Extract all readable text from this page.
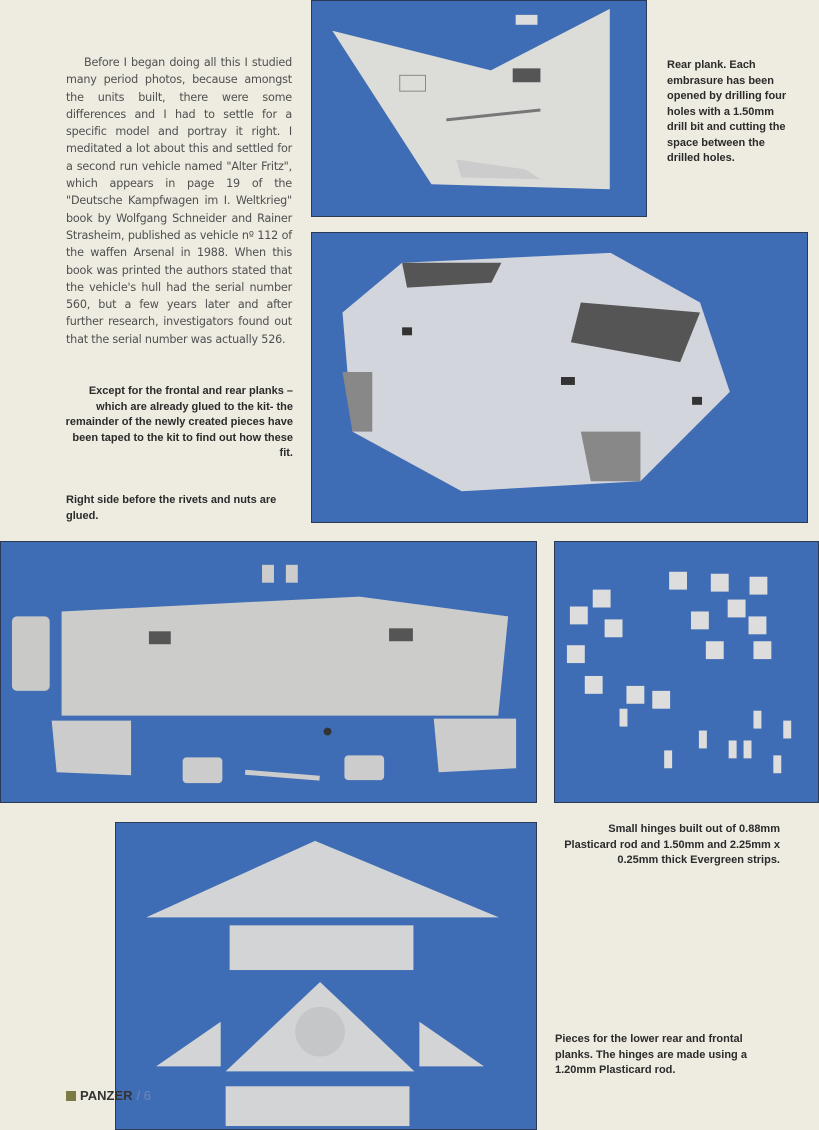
Before I began doing all this I studied many period photos, because amongst the units built, there were some differences and I had to settle for a specific model and portray it right. I meditated a lot about this and settled for a second run vehicle named "Alter Fritz", which appears in page 19 of the "Deutsche Kampfwagen im I. Weltkrieg" book by Wolfgang Schneider and Rainer Strasheim, published as vehicle nº 112 of the waffen Arsenal in 1988. When this book was printed the authors stated that the vehicle's hull had the serial number 560, but a few years later and after further research, investigators found out that the serial number was actually 526.
Rear plank. Each embrasure has been opened by drilling four holes with a 1.50mm drill bit and cutting the space between the drilled holes.
Except for the frontal and rear planks –which are already glued to the kit- the remainder of the newly created pieces have been taped to the kit to find out how these fit.
Right side before the rivets and nuts are glued.
Small hinges built out of 0.88mm Plasticard rod and 1.50mm and 2.25mm x 0.25mm thick Evergreen strips.
Pieces for the lower rear and frontal planks. The hinges are made using a 1.20mm Plasticard rod.
PANZER / 6
